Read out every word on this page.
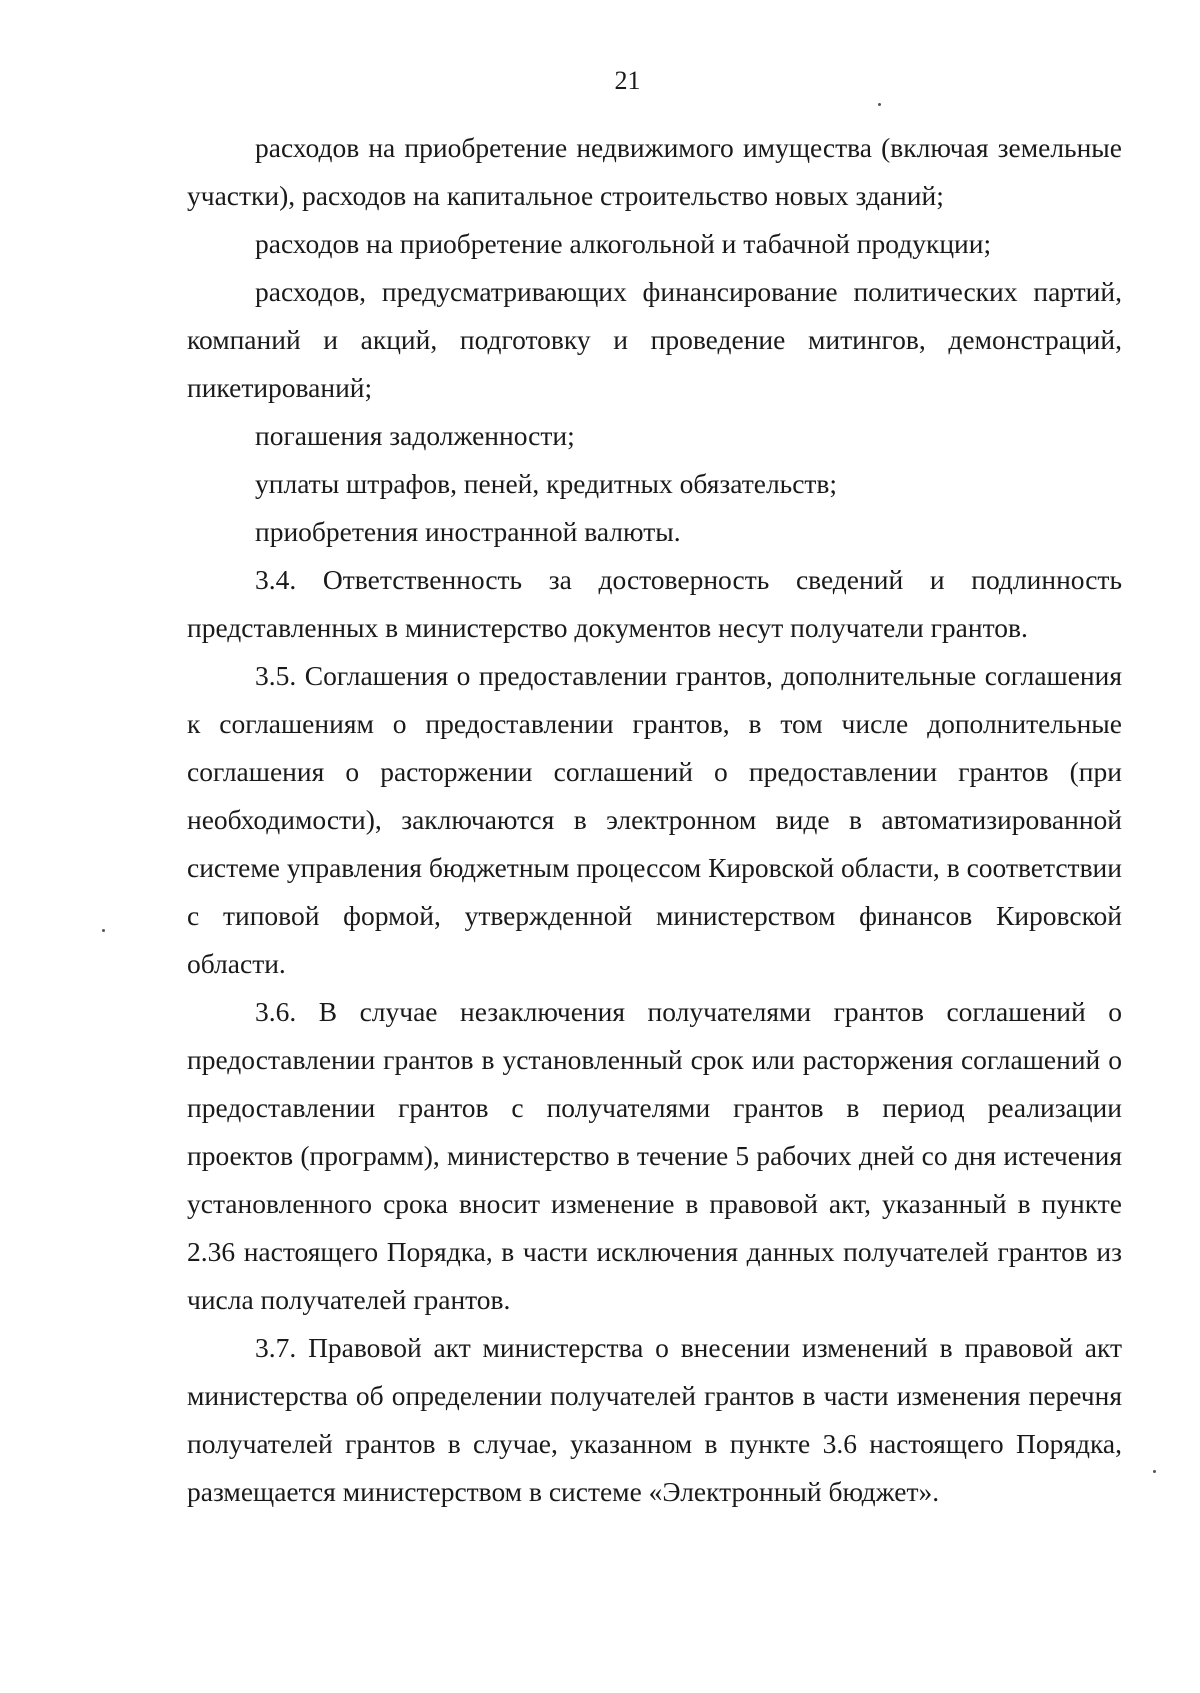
21

расходов на приобретение недвижимого имущества (включая земельные участки), расходов на капитальное строительство новых зданий;

расходов на приобретение алкогольной и табачной продукции;

расходов, предусматривающих финансирование политических партий, компаний и акций, подготовку и проведение митингов, демонстраций, пикетирований;

погашения задолженности;

уплаты штрафов, пеней, кредитных обязательств;

приобретения иностранной валюты.

3.4. Ответственность за достоверность сведений и подлинность представленных в министерство документов несут получатели грантов.

3.5. Соглашения о предоставлении грантов, дополнительные соглашения к соглашениям о предоставлении грантов, в том числе дополнительные соглашения о расторжении соглашений о предоставлении грантов (при необходимости), заключаются в электронном виде в автоматизированной системе управления бюджетным процессом Кировской области, в соответствии с типовой формой, утвержденной министерством финансов Кировской области.

3.6. В случае незаключения получателями грантов соглашений о предоставлении грантов в установленный срок или расторжения соглашений о предоставлении грантов с получателями грантов в период реализации проектов (программ), министерство в течение 5 рабочих дней со дня истечения установленного срока вносит изменение в правовой акт, указанный в пункте 2.36 настоящего Порядка, в части исключения данных получателей грантов из числа получателей грантов.

3.7. Правовой акт министерства о внесении изменений в правовой акт министерства об определении получателей грантов в части изменения перечня получателей грантов в случае, указанном в пункте 3.6 настоящего Порядка, размещается министерством в системе «Электронный бюджет».
